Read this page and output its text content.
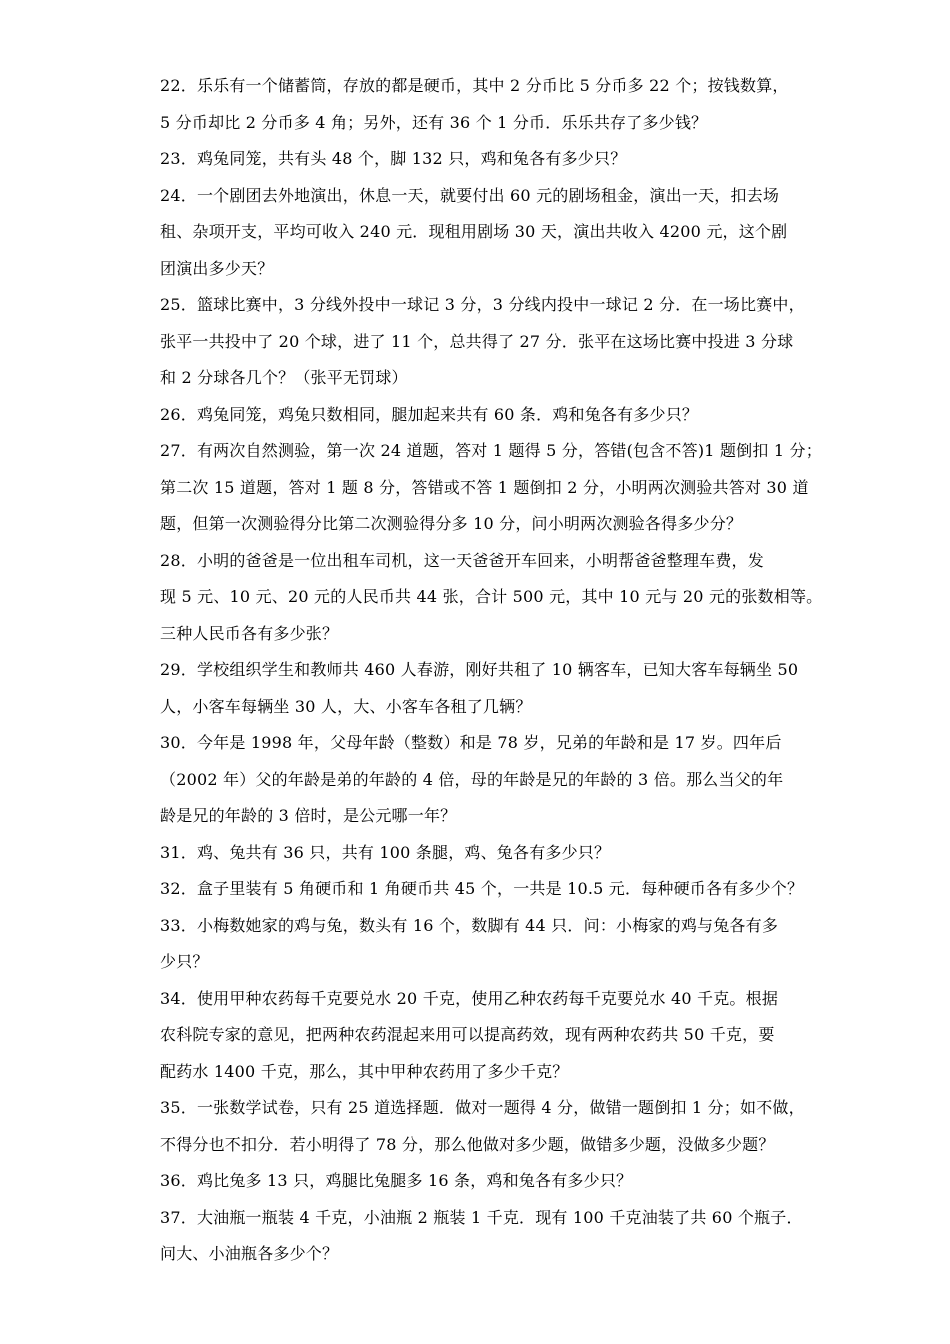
22．乐乐有一个储蓄筒，存放的都是硬币，其中 2 分币比 5 分币多 22 个；按钱数算，
5 分币却比 2 分币多 4 角；另外，还有 36 个 1 分币．乐乐共存了多少钱？
23．鸡兔同笼，共有头 48 个，脚 132 只，鸡和兔各有多少只？
24．一个剧团去外地演出，休息一天，就要付出 60 元的剧场租金，演出一天，扣去场
租、杂项开支，平均可收入 240 元．现租用剧场 30 天，演出共收入 4200 元，这个剧
团演出多少天？
25．篮球比赛中，3 分线外投中一球记 3 分，3 分线内投中一球记 2 分．在一场比赛中，
张平一共投中了 20 个球，进了 11 个，总共得了 27 分．张平在这场比赛中投进 3 分球
和 2 分球各几个？（张平无罚球）
26．鸡兔同笼，鸡兔只数相同，腿加起来共有 60 条．鸡和兔各有多少只？
27．有两次自然测验，第一次 24 道题，答对 1 题得 5 分，答错(包含不答)1 题倒扣 1 分；
第二次 15 道题，答对 1 题 8 分，答错或不答 1 题倒扣 2 分，小明两次测验共答对 30 道
题，但第一次测验得分比第二次测验得分多 10 分，问小明两次测验各得多少分？
28．小明的爸爸是一位出租车司机，这一天爸爸开车回来，小明帮爸爸整理车费，发
现 5 元、10 元、20 元的人民币共 44 张，合计 500 元，其中 10 元与 20 元的张数相等。
三种人民币各有多少张？
29．学校组织学生和教师共 460 人春游，刚好共租了 10 辆客车，已知大客车每辆坐 50
人，小客车每辆坐 30 人，大、小客车各租了几辆？
30．今年是 1998 年，父母年龄（整数）和是 78 岁，兄弟的年龄和是 17 岁。四年后
（2002 年）父的年龄是弟的年龄的 4 倍，母的年龄是兄的年龄的 3 倍。那么当父的年
龄是兄的年龄的 3 倍时，是公元哪一年？
31．鸡、兔共有 36 只，共有 100 条腿，鸡、兔各有多少只？
32．盒子里装有 5 角硬币和 1 角硬币共 45 个，一共是 10.5 元．每种硬币各有多少个？
33．小梅数她家的鸡与兔，数头有 16 个，数脚有 44 只．问：小梅家的鸡与兔各有多
少只？
34．使用甲种农药每千克要兑水 20 千克，使用乙种农药每千克要兑水 40 千克。根据
农科院专家的意见，把两种农药混起来用可以提高药效，现有两种农药共 50 千克，要
配药水 1400 千克，那么，其中甲种农药用了多少千克？
35．一张数学试卷，只有 25 道选择题．做对一题得 4 分，做错一题倒扣 1 分；如不做，
不得分也不扣分．若小明得了 78 分，那么他做对多少题，做错多少题，没做多少题？
36．鸡比兔多 13 只，鸡腿比兔腿多 16 条，鸡和兔各有多少只？
37．大油瓶一瓶装 4 千克，小油瓶 2 瓶装 1 千克．现有 100 千克油装了共 60 个瓶子．
问大、小油瓶各多少个？
